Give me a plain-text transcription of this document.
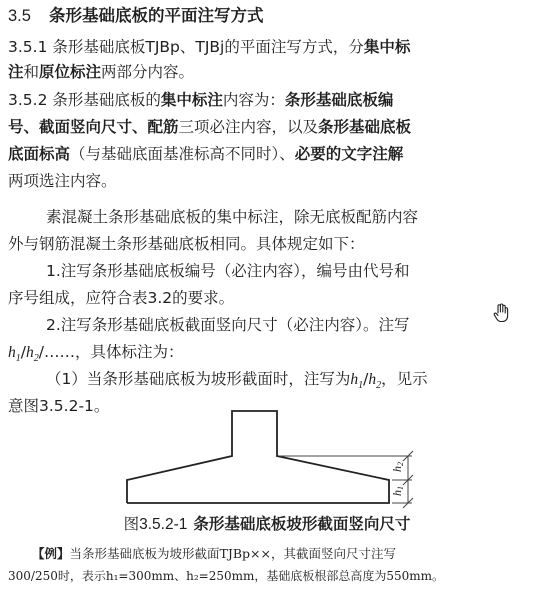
3.5 条形基础底板的平面注写方式
3.5.1 条形基础底板TJBp、TJBj的平面注写方式，分集中标
注和原位标注两部分内容。
3.5.2 条形基础底板的集中标注内容为：条形基础底板编
号、截面竖向尺寸、配筋三项必注内容，以及条形基础底板
底面标高（与基础底面基准标高不同时）、必要的文字注解
两项选注内容。
素混凝土条形基础底板的集中标注，除无底板配筋内容
外与钢筋混凝土条形基础底板相同。具体规定如下：
1.注写条形基础底板编号（必注内容），编号由代号和
序号组成，应符合表3.2的要求。
2.注写条形基础底板截面竖向尺寸（必注内容）。注写
$h_1/h_2/\dots\dots$，具体标注为：
（1）当条形基础底板为坡形截面时，注写为$h_1/h_2$，见示
意图3.5.2-1。
h2
h1
图3.5.2-1 条形基础底板坡形截面竖向尺寸
【例】当条形基础底板为坡形截面TJBp××，其截面竖向尺寸注写
300/250时，表示h₁=300mm、h₂=250mm，基础底板根部总高度为550mm。
